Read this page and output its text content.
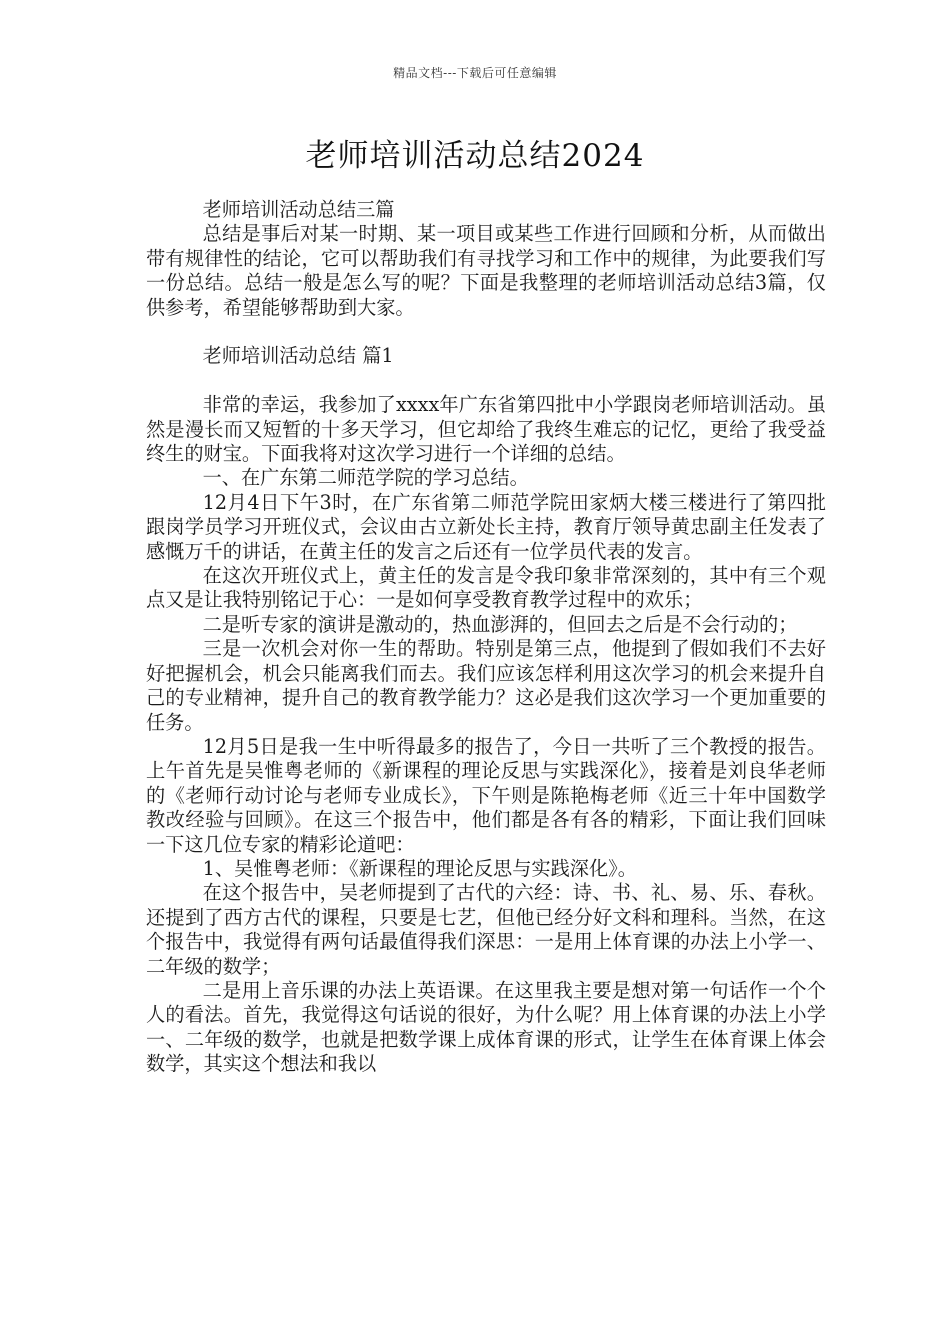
精品文档---下载后可任意编辑
老师培训活动总结2024

老师培训活动总结三篇

总结是事后对某一时期、某一项目或某些工作进行回顾和分析，从而做出带有规律性的结论，它可以帮助我们有寻找学习和工作中的规律，为此要我们写一份总结。总结一般是怎么写的呢？下面是我整理的老师培训活动总结3篇，仅供参考，希望能够帮助到大家。

老师培训活动总结 篇1

非常的幸运，我参加了xxxx年广东省第四批中小学跟岗老师培训活动。虽然是漫长而又短暂的十多天学习，但它却给了我终生难忘的记忆，更给了我受益终生的财宝。下面我将对这次学习进行一个详细的总结。

一、在广东第二师范学院的学习总结。

12月4日下午3时，在广东省第二师范学院田家炳大楼三楼进行了第四批跟岗学员学习开班仪式，会议由古立新处长主持，教育厅领导黄忠副主任发表了感慨万千的讲话，在黄主任的发言之后还有一位学员代表的发言。

在这次开班仪式上，黄主任的发言是令我印象非常深刻的，其中有三个观点又是让我特别铭记于心：一是如何享受教育教学过程中的欢乐；

二是听专家的演讲是激动的，热血澎湃的，但回去之后是不会行动的；

三是一次机会对你一生的帮助。特别是第三点，他提到了假如我们不去好好把握机会，机会只能离我们而去。我们应该怎样利用这次学习的机会来提升自己的专业精神，提升自己的教育教学能力？这必是我们这次学习一个更加重要的任务。

12月5日是我一生中听得最多的报告了，今日一共听了三个教授的报告。上午首先是吴惟粤老师的《新课程的理论反思与实践深化》，接着是刘良华老师的《老师行动讨论与老师专业成长》，下午则是陈艳梅老师《近三十年中国数学教改经验与回顾》。在这三个报告中，他们都是各有各的精彩，下面让我们回味一下这几位专家的精彩论道吧：

1、吴惟粤老师：《新课程的理论反思与实践深化》。

在这个报告中，吴老师提到了古代的六经：诗、书、礼、易、乐、春秋。还提到了西方古代的课程，只要是七艺，但他已经分好文科和理科。当然，在这个报告中，我觉得有两句话最值得我们深思：一是用上体育课的办法上小学一、二年级的数学；

二是用上音乐课的办法上英语课。在这里我主要是想对第一句话作一个个人的看法。首先，我觉得这句话说的很好，为什么呢？用上体育课的办法上小学一、二年级的数学，也就是把数学课上成体育课的形式，让学生在体育课上体会数学，其实这个想法和我以
